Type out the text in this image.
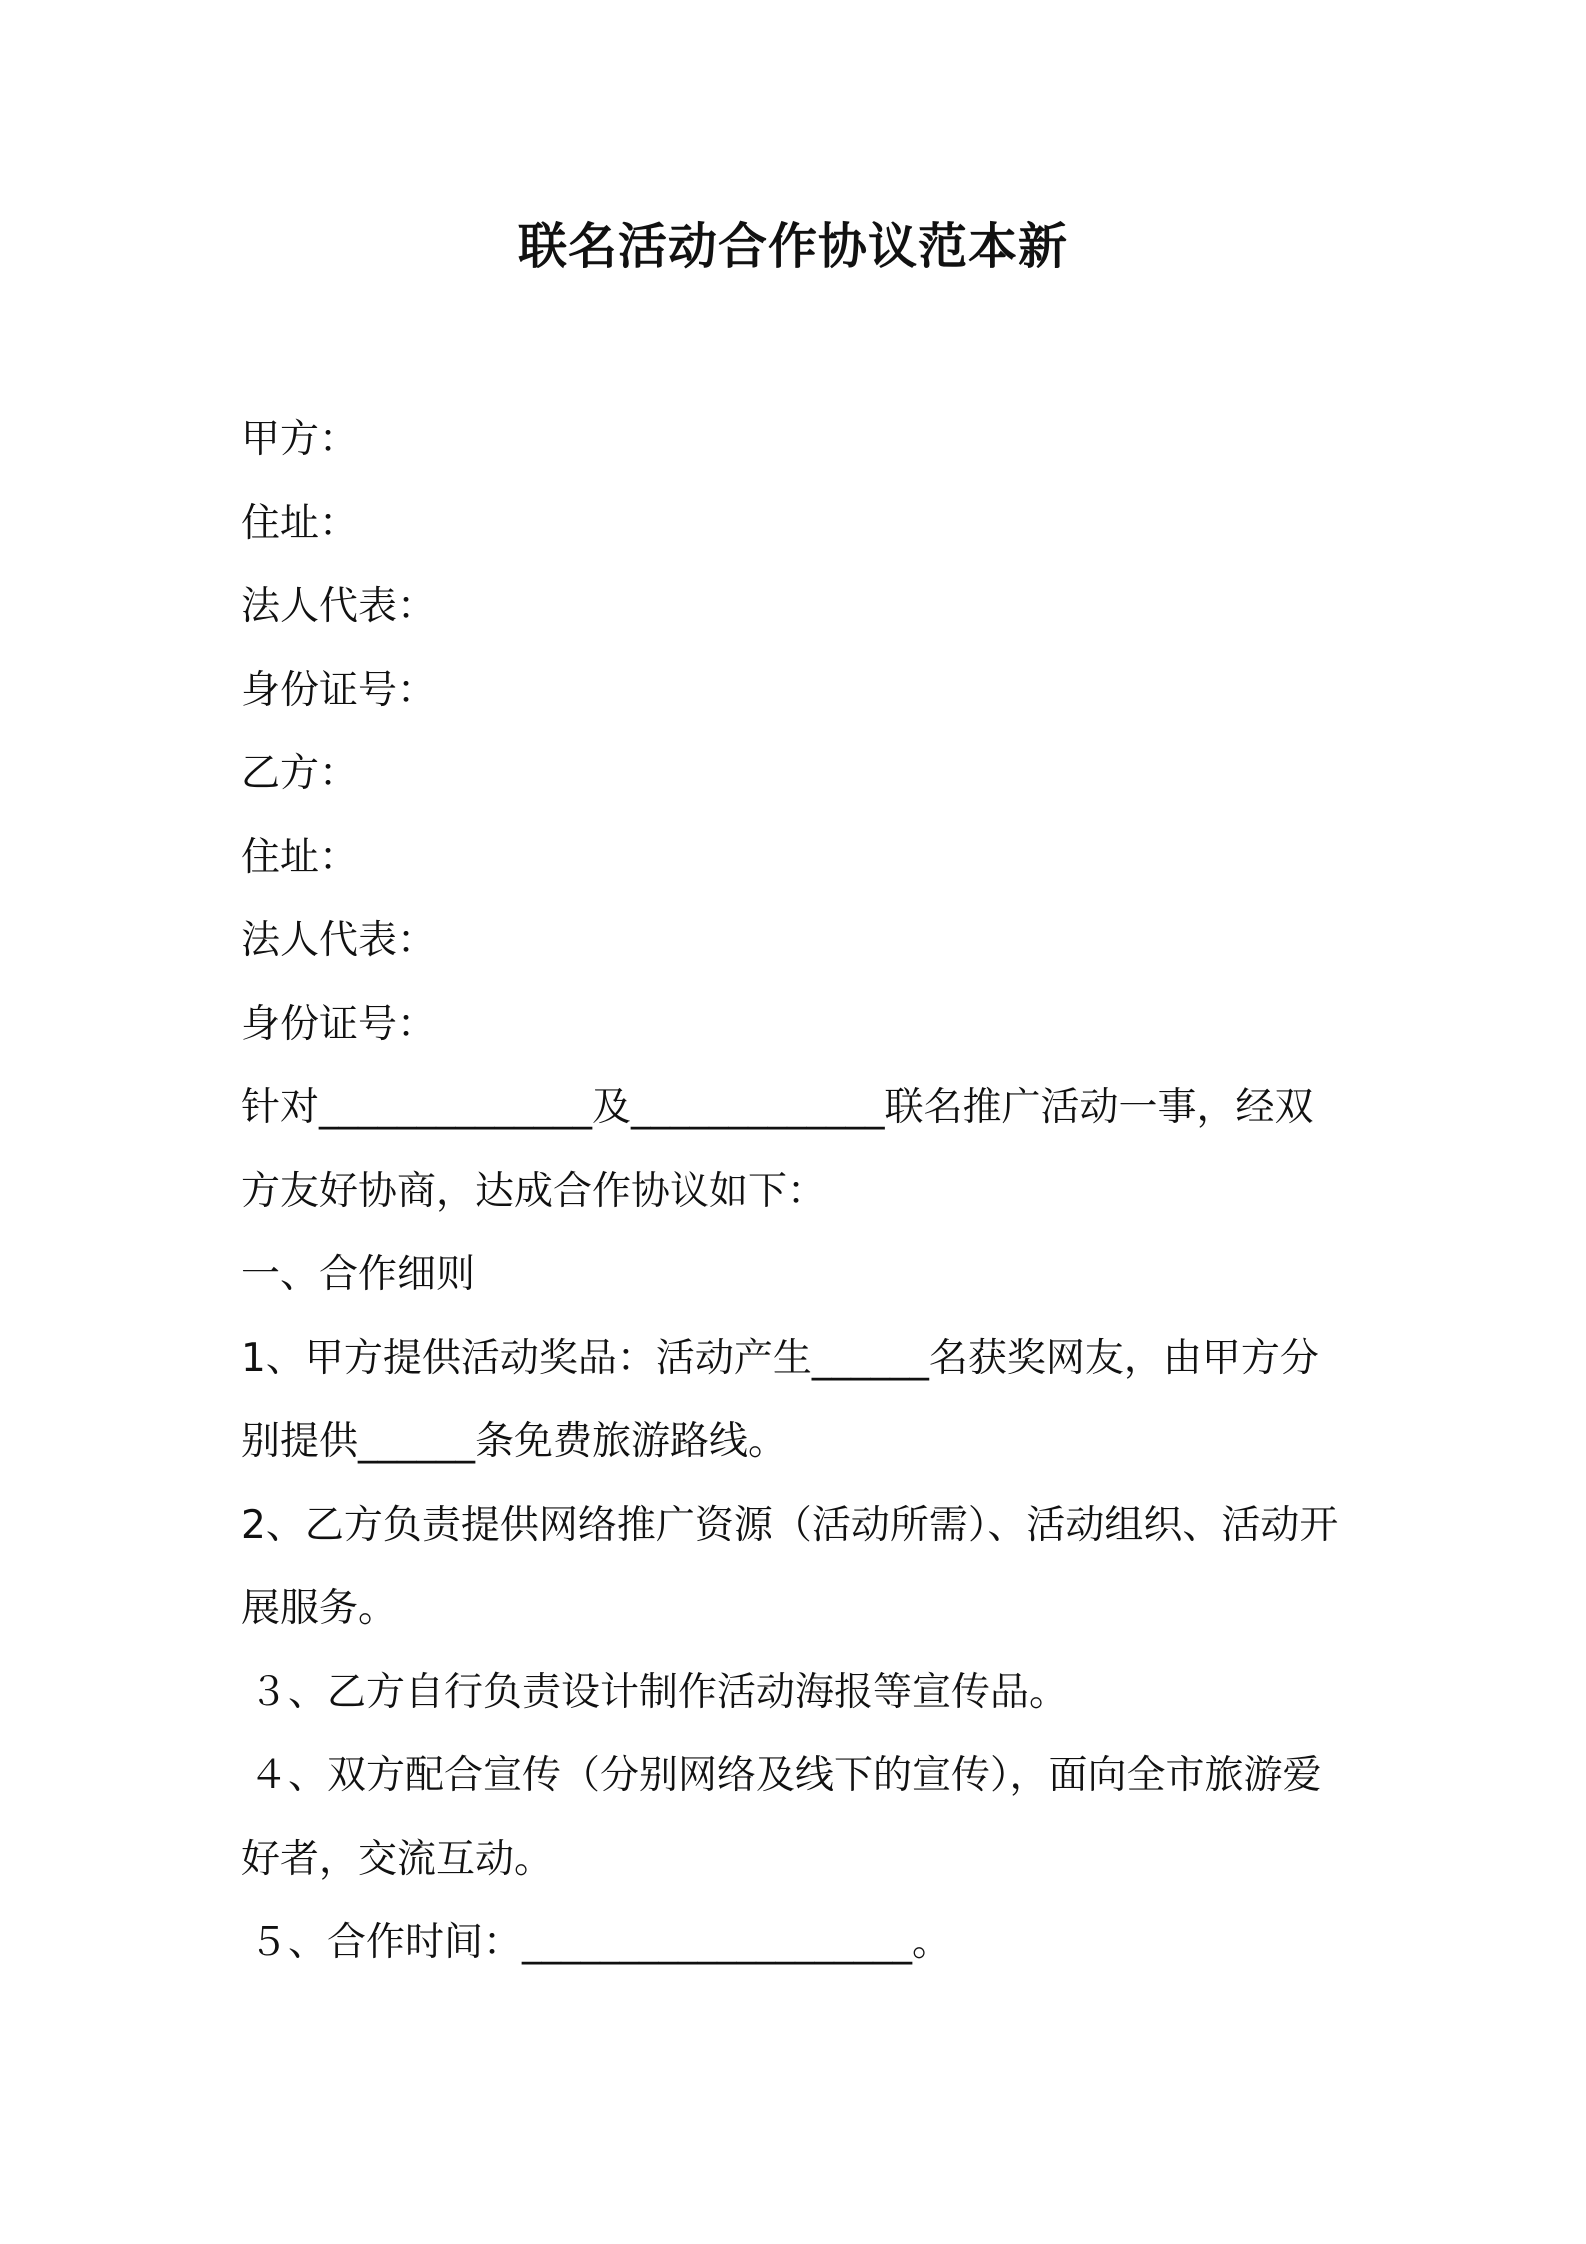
联名活动合作协议范本新
甲方：
住址：
法人代表：
身份证号：
乙方：
住址：
法人代表：
身份证号：
针对______________及_____________联名推广活动一事，经双
方友好协商，达成合作协议如下：
一、合作细则
1、甲方提供活动奖品：活动产生______名获奖网友，由甲方分
别提供______条免费旅游路线。
2、乙方负责提供网络推广资源（活动所需）、活动组织、活动开
展服务。
３、乙方自行负责设计制作活动海报等宣传品。
４、双方配合宣传（分别网络及线下的宣传），面向全市旅游爱
好者，交流互动。
５、合作时间：____________________。
